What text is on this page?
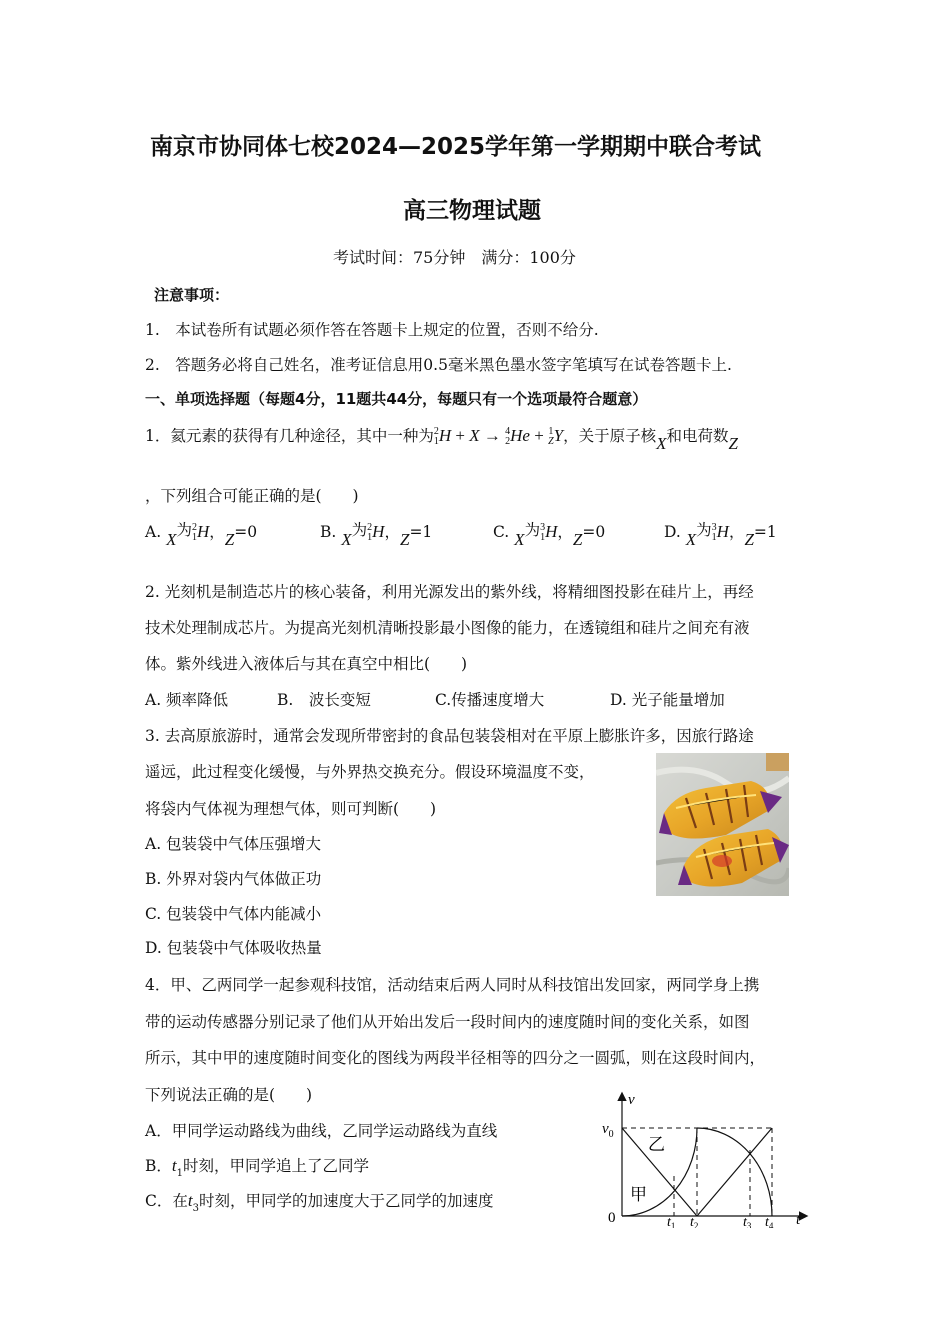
南京市协同体七校2024—2025学年第一学期期中联合考试
高三物理试题
考试时间：75分钟　满分：100分
注意事项：
1.　本试卷所有试题必须作答在答题卡上规定的位置，否则不给分.
2.　答题务必将自己姓名，准考证信息用0.5毫米黑色墨水签字笔填写在试卷答题卡上.
一、单项选择题（每题4分，11题共44分，每题只有一个选项最符合题意）
1．氦元素的获得有几种途径，其中一种为 2
1 H + X → 4
2 He + 1
Z Y，关于原子核X和电荷数Z
，下列组合可能正确的是(　　)
A. X为 2
1 H，Z=0	B. X为 2
1 H，Z=1	C. X为 3
1 H，Z=0	D. X为 3
1 H，Z=1
2. 光刻机是制造芯片的核心装备，利用光源发出的紫外线，将精细图投影在硅片上，再经
技术处理制成芯片。为提高光刻机清晰投影最小图像的能力，在透镜组和硅片之间充有液
体。紫外线进入液体后与其在真空中相比(　　)
A. 频率降低	B.　波长变短	C.传播速度增大	D. 光子能量增加
3. 去高原旅游时，通常会发现所带密封的食品包装袋相对在平原上膨胀许多，因旅行路途
遥远，此过程变化缓慢，与外界热交换充分。假设环境温度不变，
将袋内气体视为理想气体，则可判断(　　)
A. 包装袋中气体压强增大
B. 外界对袋内气体做正功
C. 包装袋中气体内能减小
D. 包装袋中气体吸收热量
4．甲、乙两同学一起参观科技馆，活动结束后两人同时从科技馆出发回家，两同学身上携
带的运动传感器分别记录了他们从开始出发后一段时间内的速度随时间的变化关系，如图
所示，其中甲的速度随时间变化的图线为两段半径相等的四分之一圆弧，则在这段时间内，
下列说法正确的是(　　)
A．甲同学运动路线为曲线，乙同学运动路线为直线
B．$t_1$时刻，甲同学追上了乙同学
C．在$t_3$时刻，甲同学的加速度大于乙同学的加速度
v
$v_0$
0	t
$t_1$ $t_2$	$t_3$ $t_4$
乙
甲
